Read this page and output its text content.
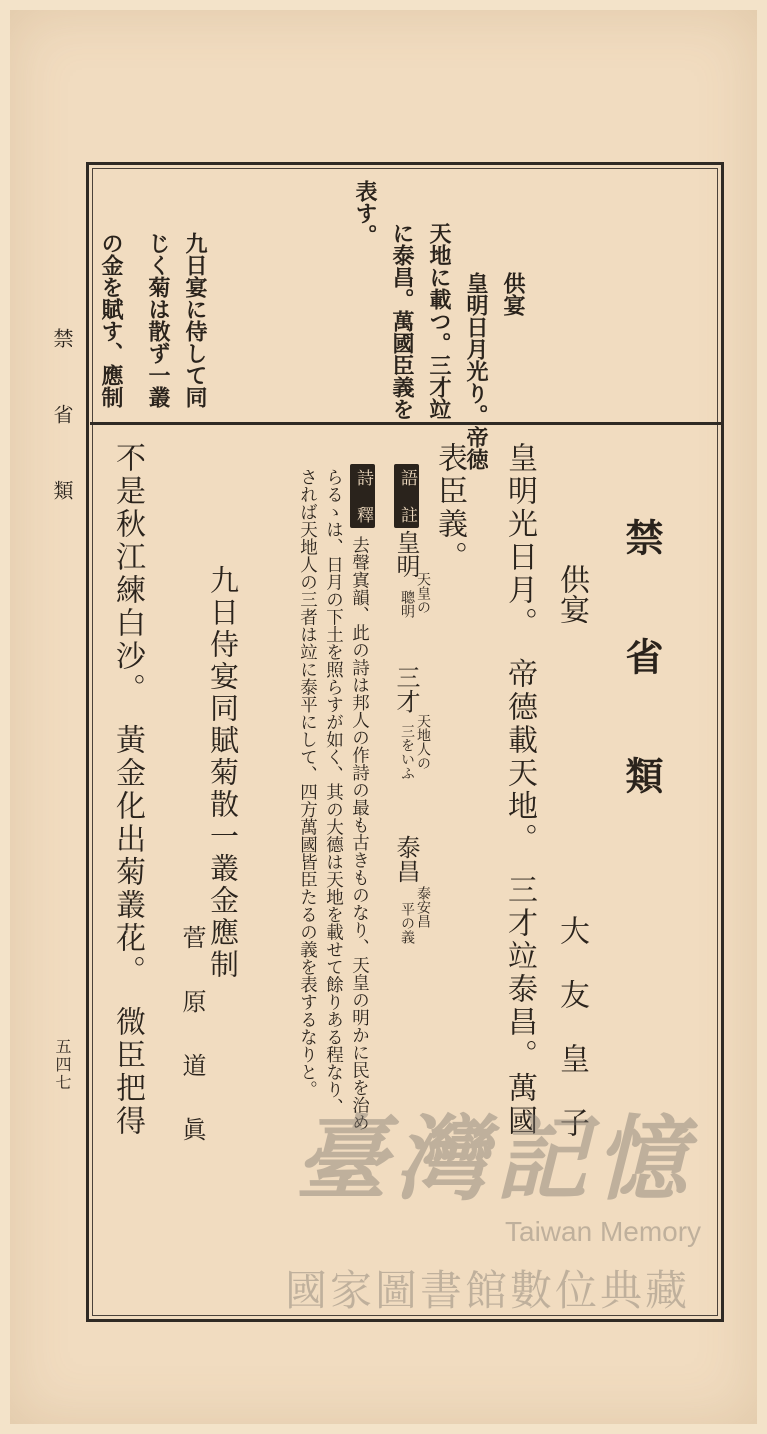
禁　省　類
五四七
供宴
皇明日月光り。帝徳
天地に載つ。三才竝
に泰昌。萬國臣義を
表す。
九日宴に侍して同
じく菊は散ず一叢
の金を賦す、應制
禁 省 類
供宴
大　友　皇　子
皇明光日月。　帝德載天地。　三才竝泰昌。萬國
表臣義。
語 註
皇明
天皇の
聰明
三才
天地人の
三をいふ
泰昌
泰安昌
平の義
詩 釋
去聲寘韻、此の詩は邦人の作詩の最も古きものなり、天皇の明かに民を治め
らるゝは、日月の下土を照らすが如く、其の大德は天地を載せて餘りある程なり、
されば天地人の三者は竝に泰平にして、四方萬國皆臣たるの義を表するなりと。
九日侍宴同賦菊散一叢金應制
菅　原　道　眞
不是秋江練白沙。　黃金化出菊叢花。　微臣把得
臺灣記憶
Taiwan Memory
國家圖書館數位典藏
